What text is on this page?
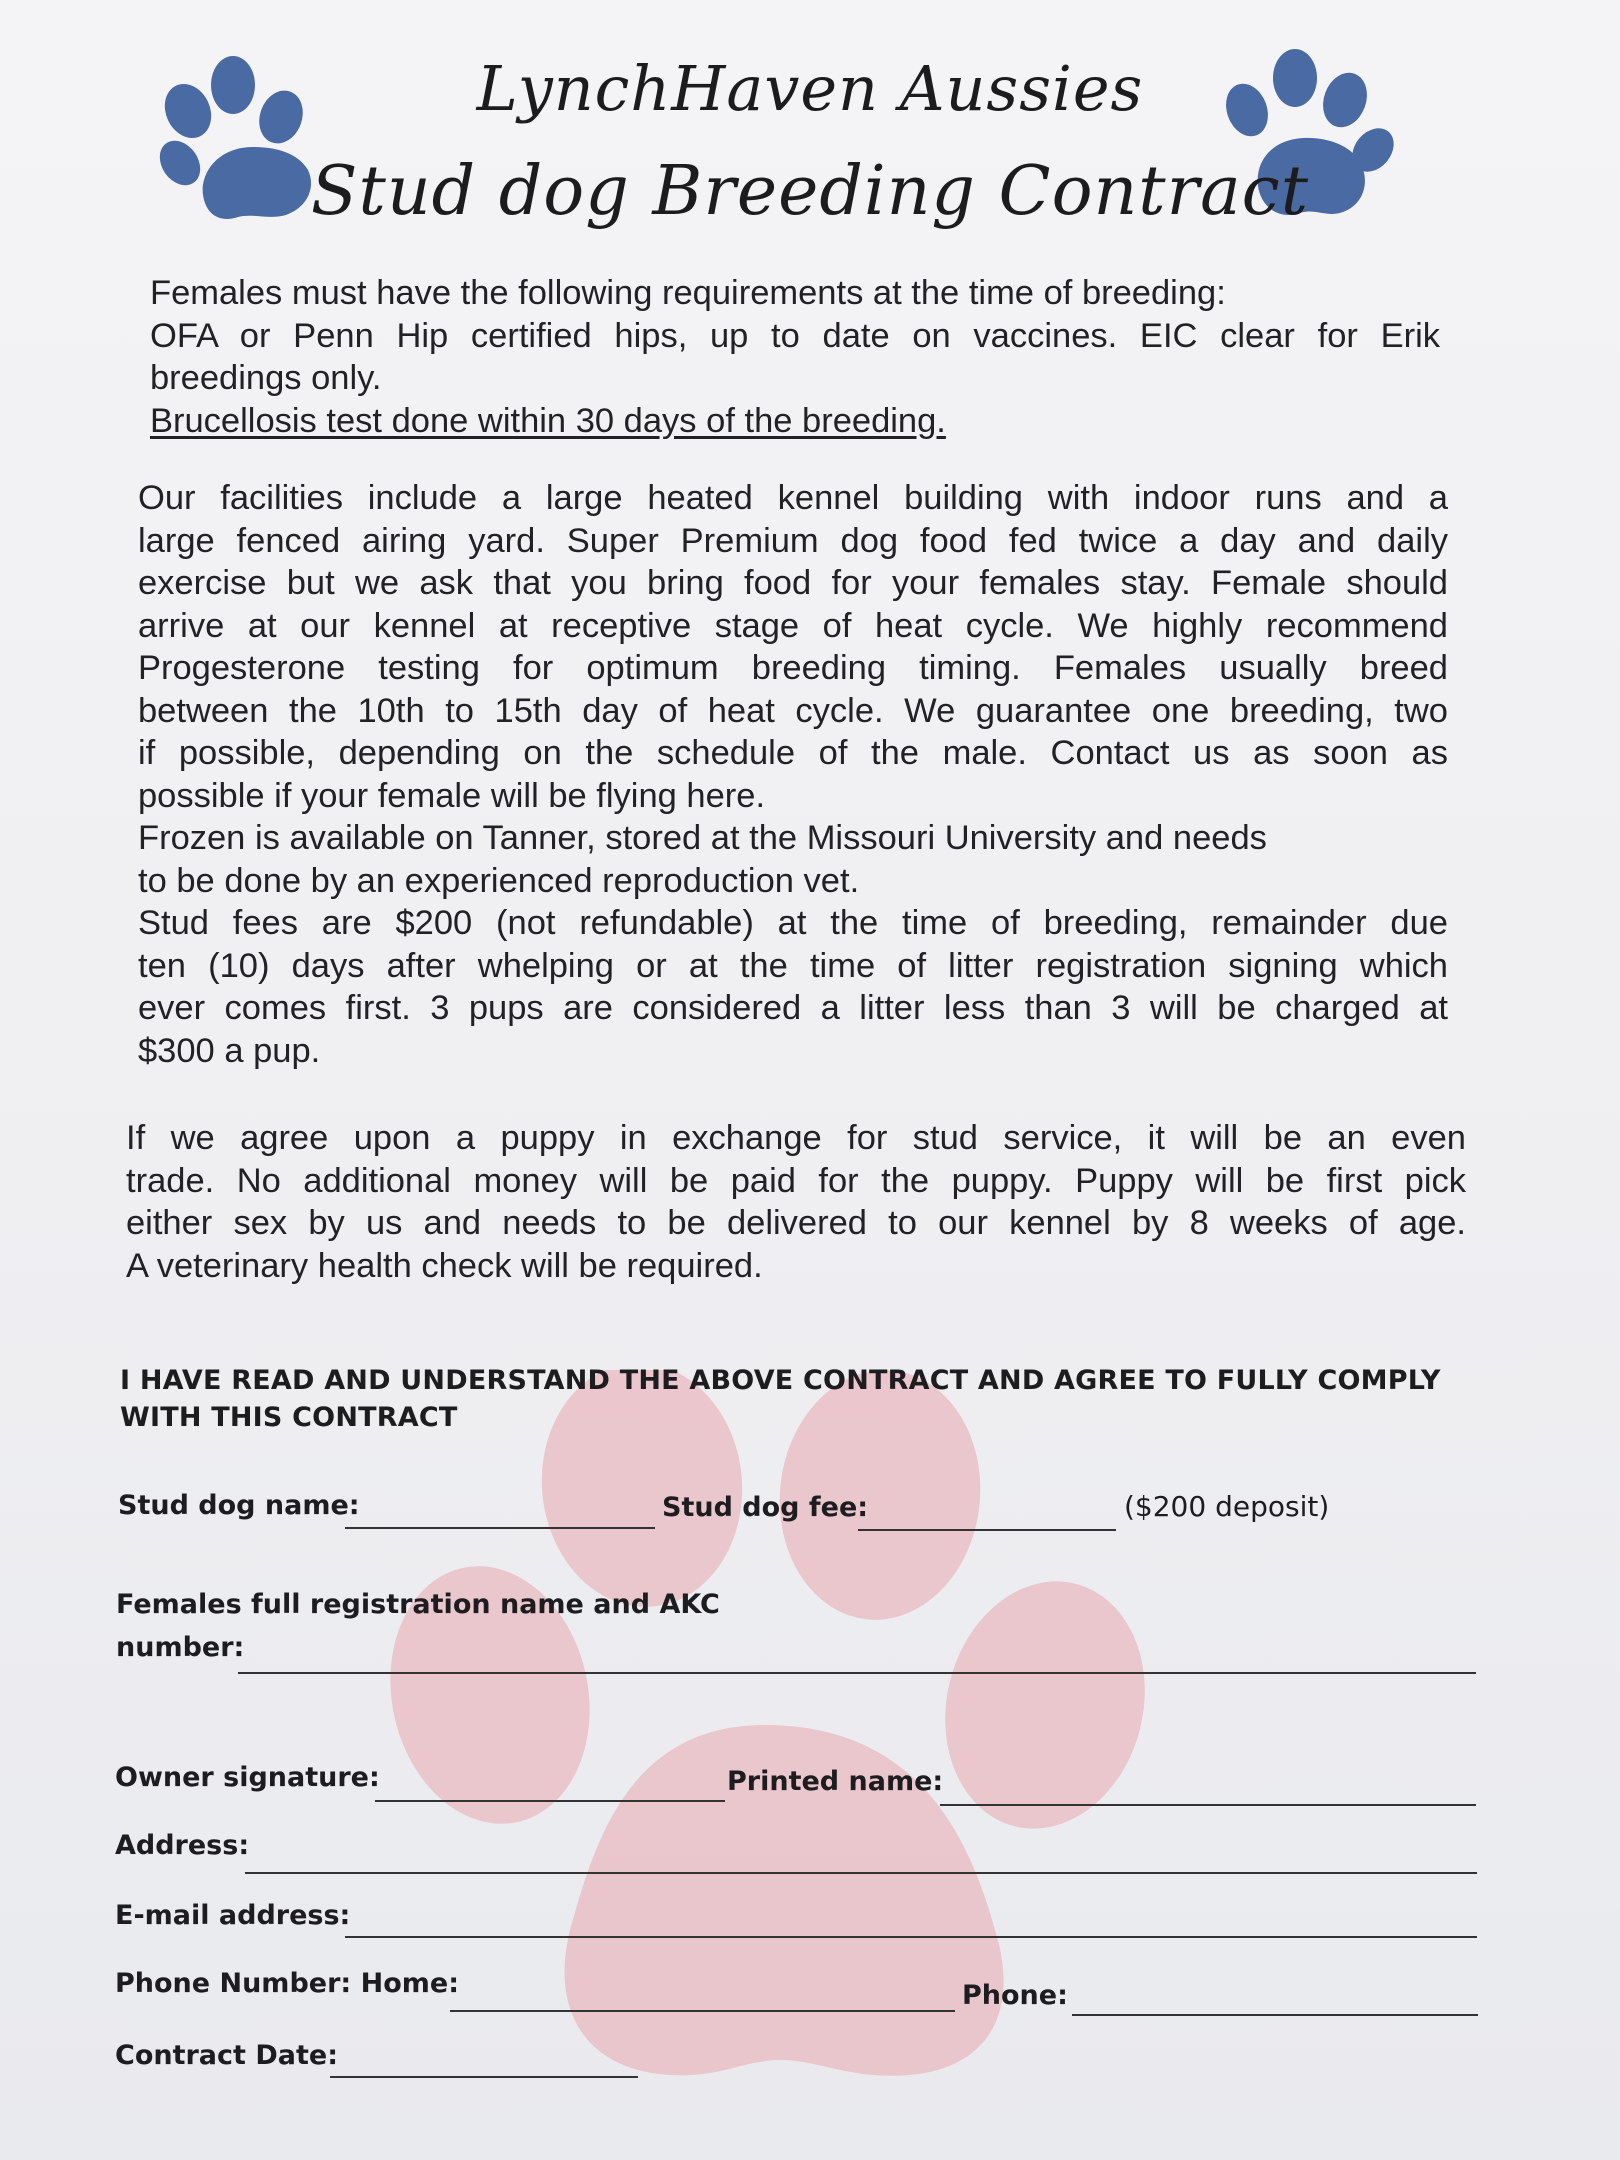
LynchHaven Aussies
Stud dog Breeding Contract
Females must have the following requirements at the time of breeding:
OFA or Penn Hip certified hips, up to date on vaccines. EIC clear for Erik
breedings only.
Brucellosis test done within 30 days of the breeding.
Our facilities include a large heated kennel building with indoor runs and a
large fenced airing yard. Super Premium dog food fed twice a day and daily
exercise but we ask that you bring food for your females stay. Female should
arrive at our kennel at receptive stage of heat cycle. We highly recommend
Progesterone testing for optimum breeding timing. Females usually breed
between the 10th to 15th day of heat cycle. We guarantee one breeding, two
if possible, depending on the schedule of the male. Contact us as soon as
possible if your female will be flying here.
Frozen is available on Tanner, stored at the Missouri University and needs
to be done by an experienced reproduction vet.
Stud fees are $200 (not refundable) at the time of breeding, remainder due
ten (10) days after whelping or at the time of litter registration signing which
ever comes first. 3 pups are considered a litter less than 3 will be charged at
$300 a pup.
If we agree upon a puppy in exchange for stud service, it will be an even
trade. No additional money will be paid for the puppy. Puppy will be first pick
either sex by us and needs to be delivered to our kennel by 8 weeks of age.
A veterinary health check will be required.
I HAVE READ AND UNDERSTAND THE ABOVE CONTRACT AND AGREE TO FULLY COMPLY
WITH THIS CONTRACT
Stud dog name:	Stud dog fee:	($200 deposit)
Females full registration name and AKC
number:
Owner signature:	Printed name:
Address:
E-mail address:
Phone Number: Home:	Phone:
Contract Date:
